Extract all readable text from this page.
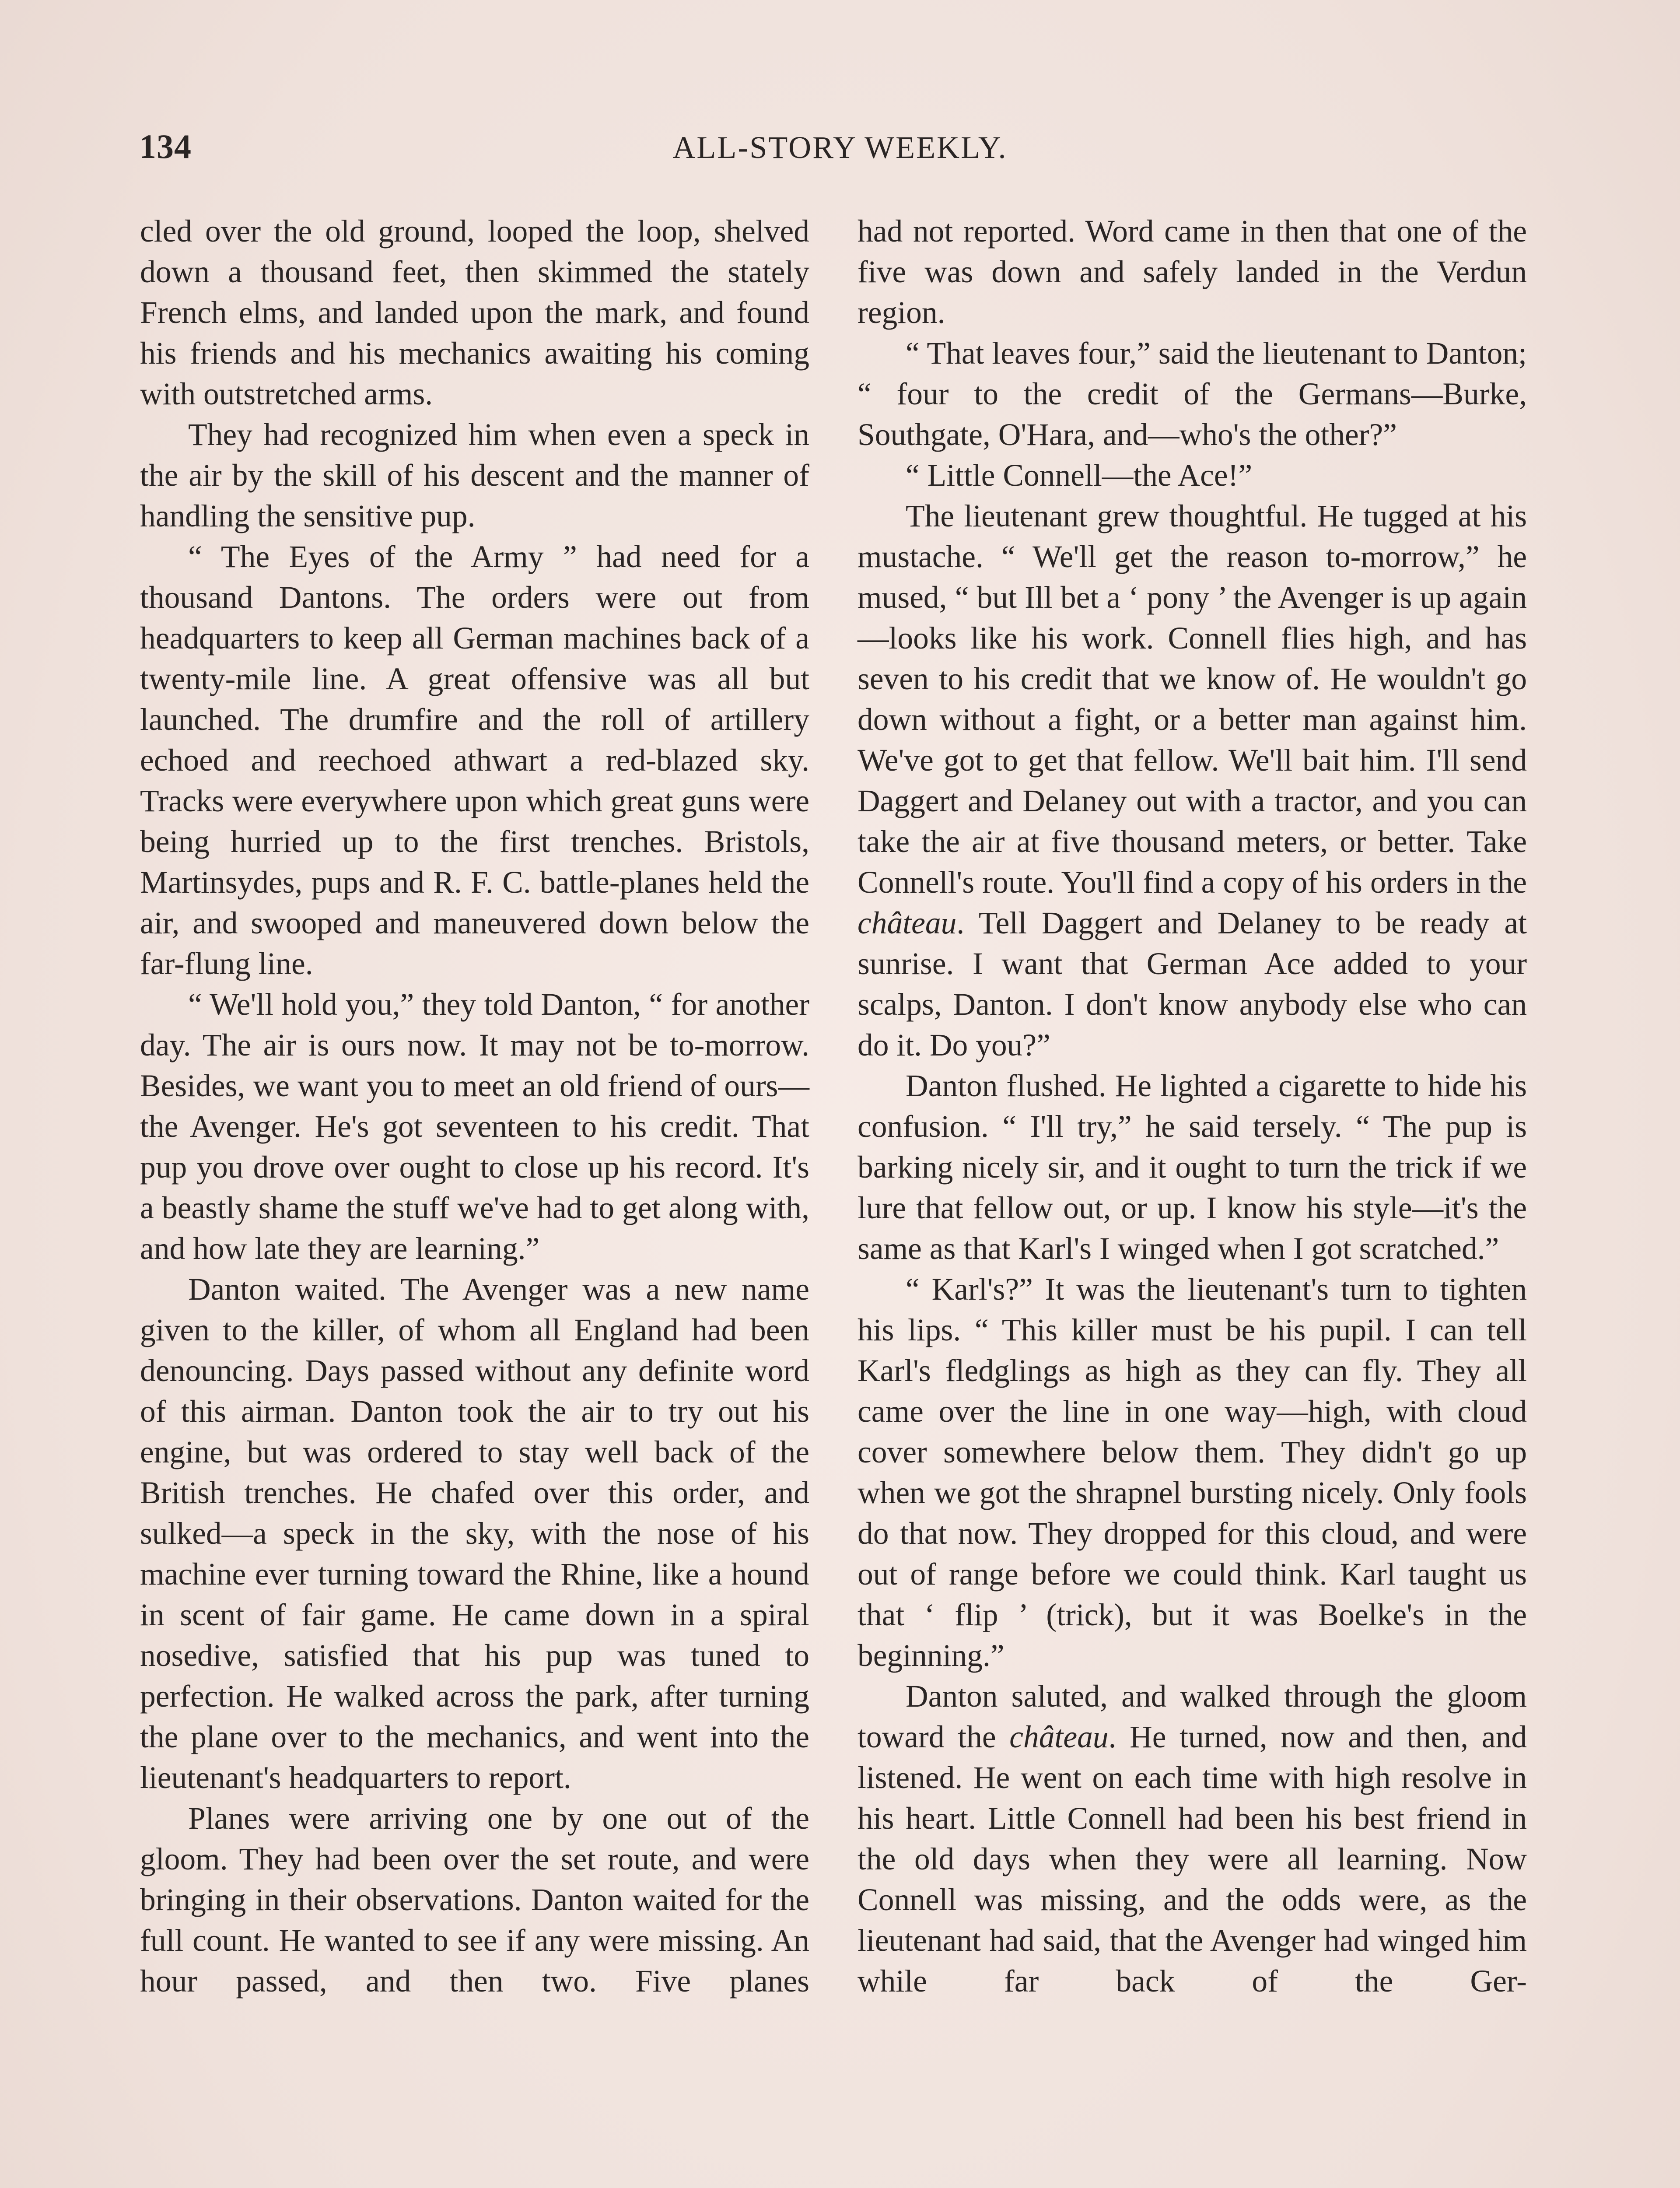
134	ALL-STORY WEEKLY.

cled over the old ground, looped the loop, shelved down a thousand feet, then skimmed the stately French elms, and landed upon the mark, and found his friends and his mechanics awaiting his coming with outstretched arms.

They had recognized him when even a speck in the air by the skill of his descent and the manner of handling the sensitive pup.

“ The Eyes of the Army ” had need for a thousand Dantons. The orders were out from headquarters to keep all German machines back of a twenty-mile line. A great offensive was all but launched. The drumfire and the roll of artillery echoed and reechoed athwart a red-blazed sky. Tracks were everywhere upon which great guns were being hurried up to the first trenches. Bristols, Martinsydes, pups and R. F. C. battle-planes held the air, and swooped and maneuvered down below the far-flung line.

“ We'll hold you,” they told Danton, “ for another day. The air is ours now. It may not be to-morrow. Besides, we want you to meet an old friend of ours—the Avenger. He's got seventeen to his credit. That pup you drove over ought to close up his record. It's a beastly shame the stuff we've had to get along with, and how late they are learning.”

Danton waited. The Avenger was a new name given to the killer, of whom all England had been denouncing. Days passed without any definite word of this airman. Danton took the air to try out his engine, but was ordered to stay well back of the British trenches. He chafed over this order, and sulked—a speck in the sky, with the nose of his machine ever turning toward the Rhine, like a hound in scent of fair game. He came down in a spiral nosedive, satisfied that his pup was tuned to perfection. He walked across the park, after turning the plane over to the mechanics, and went into the lieutenant's headquarters to report.

Planes were arriving one by one out of the gloom. They had been over the set route, and were bringing in their observations. Danton waited for the full count. He wanted to see if any were missing. An hour passed, and then two. Five planes

had not reported. Word came in then that one of the five was down and safely landed in the Verdun region.

“ That leaves four,” said the lieutenant to Danton; “ four to the credit of the Germans—Burke, Southgate, O'Hara, and—who's the other?”

“ Little Connell—the Ace!”

The lieutenant grew thoughtful. He tugged at his mustache. “ We'll get the reason to-morrow,” he mused, “ but Ill bet a ‘ pony ’ the Avenger is up again—looks like his work. Connell flies high, and has seven to his credit that we know of. He wouldn't go down without a fight, or a better man against him. We've got to get that fellow. We'll bait him. I'll send Daggert and Delaney out with a tractor, and you can take the air at five thousand meters, or better. Take Connell's route. You'll find a copy of his orders in the château. Tell Daggert and Delaney to be ready at sunrise. I want that German Ace added to your scalps, Danton. I don't know anybody else who can do it. Do you?”

Danton flushed. He lighted a cigarette to hide his confusion. “ I'll try,” he said tersely. “ The pup is barking nicely sir, and it ought to turn the trick if we lure that fellow out, or up. I know his style—it's the same as that Karl's I winged when I got scratched.”

“ Karl's?” It was the lieutenant's turn to tighten his lips. “ This killer must be his pupil. I can tell Karl's fledglings as high as they can fly. They all came over the line in one way—high, with cloud cover somewhere below them. They didn't go up when we got the shrapnel bursting nicely. Only fools do that now. They dropped for this cloud, and were out of range before we could think. Karl taught us that ‘ flip ’ (trick), but it was Boelke's in the beginning.”

Danton saluted, and walked through the gloom toward the château. He turned, now and then, and listened. He went on each time with high resolve in his heart. Little Connell had been his best friend in the old days when they were all learning. Now Connell was missing, and the odds were, as the lieutenant had said, that the Avenger had winged him while far back of the Ger-
